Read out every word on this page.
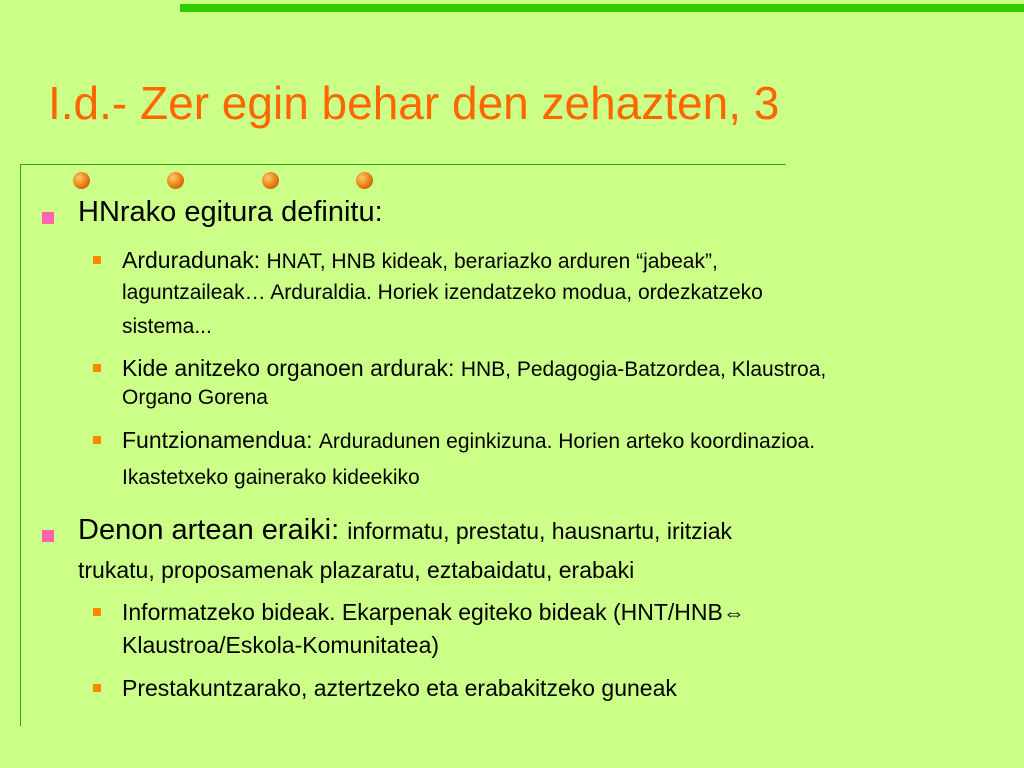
I.d.- Zer egin behar den zehazten, 3
HNrako egitura definitu:
Arduradunak: HNAT, HNB kideak, berariazko arduren “jabeak”,
laguntzaileak… Arduraldia. Horiek izendatzeko modua, ordezkatzeko
sistema...
Kide anitzeko organoen ardurak: HNB, Pedagogia-Batzordea, Klaustroa,
Organo Gorena
Funtzionamendua: Arduradunen eginkizuna. Horien arteko koordinazioa.
Ikastetxeko gainerako kideekiko
Denon artean eraiki: informatu, prestatu, hausnartu, iritziak
trukatu, proposamenak plazaratu, eztabaidatu, erabaki
Informatzeko bideak. Ekarpenak egiteko bideak (HNT/HNB⇔
Klaustroa/Eskola-Komunitatea)
Prestakuntzarako, aztertzeko eta erabakitzeko guneak
